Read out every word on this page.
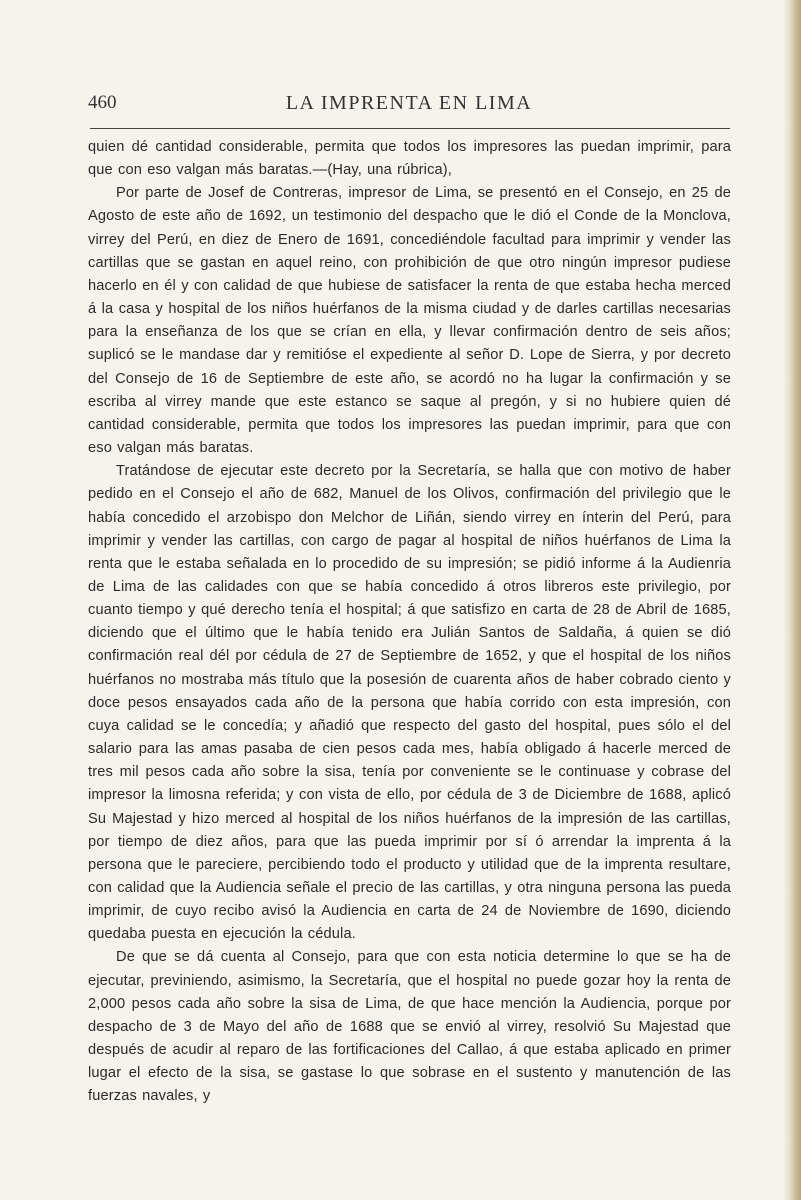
460	LA IMPRENTA EN LIMA

quien dé cantidad considerable, permita que todos los impresores las puedan imprimir, para que con eso valgan más baratas.—(Hay, una rúbrica),

Por parte de Josef de Contreras, impresor de Lima, se presentó en el Consejo, en 25 de Agosto de este año de 1692, un testimonio del despacho que le dió el Conde de la Monclova, virrey del Perú, en diez de Enero de 1691, concediéndole facultad para imprimir y vender las cartillas que se gastan en aquel reino, con prohibición de que otro ningún impresor pudiese hacerlo en él y con calidad de que hubiese de satisfacer la renta de que estaba hecha merced á la casa y hospital de los niños huérfanos de la misma ciudad y de darles cartillas necesarias para la enseñanza de los que se crían en ella, y llevar confirmación dentro de seis años; suplicó se le mandase dar y remitióse el expediente al señor D. Lope de Sierra, y por decreto del Consejo de 16 de Septiembre de este año, se acordó no ha lugar la confirmación y se escriba al virrey mande que este estanco se saque al pregón, y si no hubiere quien dé cantidad considerable, permita que todos los impresores las puedan imprimir, para que con eso valgan más baratas.

Tratándose de ejecutar este decreto por la Secretaría, se halla que con motivo de haber pedido en el Consejo el año de 682, Manuel de los Olivos, confirmación del privilegio que le había concedido el arzobispo don Melchor de Liñán, siendo virrey en ínterin del Perú, para imprimir y vender las cartillas, con cargo de pagar al hospital de niños huérfanos de Lima la renta que le estaba señalada en lo procedido de su impresión; se pidió informe á la Audienria de Lima de las calidades con que se había concedido á otros libreros este privilegio, por cuanto tiempo y qué derecho tenía el hospital; á que satisfizo en carta de 28 de Abril de 1685, diciendo que el último que le había tenido era Julián Santos de Saldaña, á quien se dió confirmación real dél por cédula de 27 de Septiembre de 1652, y que el hospital de los niños huérfanos no mostraba más título que la posesión de cuarenta años de haber cobrado ciento y doce pesos ensayados cada año de la persona que había corrido con esta impresión, con cuya calidad se le concedía; y añadió que respecto del gasto del hospital, pues sólo el del salario para las amas pasaba de cien pesos cada mes, había obligado á hacerle merced de tres mil pesos cada año sobre la sisa, tenía por conveniente se le continuase y cobrase del impresor la limosna referida; y con vista de ello, por cédula de 3 de Diciembre de 1688, aplicó Su Majestad y hizo merced al hospital de los niños huérfanos de la impresión de las cartillas, por tiempo de diez años, para que las pueda imprimir por sí ó arrendar la imprenta á la persona que le pareciere, percibiendo todo el producto y utilidad que de la imprenta resultare, con calidad que la Audiencia señale el precio de las cartillas, y otra ninguna persona las pueda imprimir, de cuyo recibo avisó la Audiencia en carta de 24 de Noviembre de 1690, diciendo quedaba puesta en ejecución la cédula.

De que se dá cuenta al Consejo, para que con esta noticia determine lo que se ha de ejecutar, previniendo, asimismo, la Secretaría, que el hospital no puede gozar hoy la renta de 2,000 pesos cada año sobre la sisa de Lima, de que hace mención la Audiencia, porque por despacho de 3 de Mayo del año de 1688 que se envió al virrey, resolvió Su Majestad que después de acudir al reparo de las fortificaciones del Callao, á que estaba aplicado en primer lugar el efecto de la sisa, se gastase lo que sobrase en el sustento y manutención de las fuerzas navales, y
